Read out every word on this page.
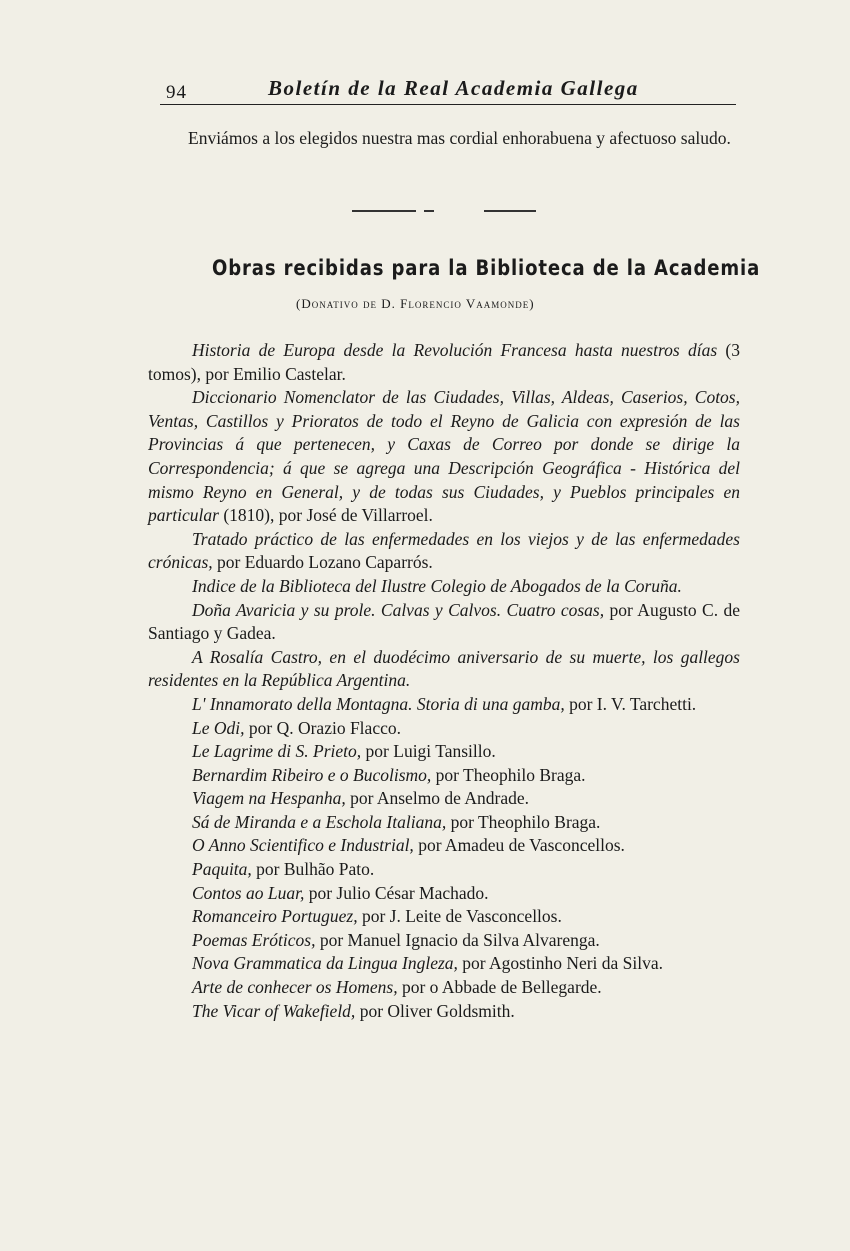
94	Boletín de la Real Academia Gallega

Enviámos a los elegidos nuestra mas cordial enhorabuena y afectuoso saludo.

Obras recibidas para la Biblioteca de la Academia
(Donativo de D. Florencio Vaamonde)

Historia de Europa desde la Revolución Francesa hasta nuestros días (3 tomos), por Emilio Castelar.

Diccionario Nomenclator de las Ciudades, Villas, Aldeas, Caserios, Cotos, Ventas, Castillos y Prioratos de todo el Reyno de Galicia con expresión de las Provincias á que pertenecen, y Caxas de Correo por donde se dirige la Correspondencia; á que se agrega una Descripción Geográfica - Histórica del mismo Reyno en General, y de todas sus Ciudades, y Pueblos principales en particular (1810), por José de Villarroel.

Tratado práctico de las enfermedades en los viejos y de las enfermedades crónicas, por Eduardo Lozano Caparrós.

Indice de la Biblioteca del Ilustre Colegio de Abogados de la Coruña.

Doña Avaricia y su prole. Calvas y Calvos. Cuatro cosas, por Augusto C. de Santiago y Gadea.

A Rosalía Castro, en el duodécimo aniversario de su muerte, los gallegos residentes en la República Argentina.

L' Innamorato della Montagna. Storia di una gamba, por I. V. Tarchetti.

Le Odi, por Q. Orazio Flacco.

Le Lagrime di S. Prieto, por Luigi Tansillo.

Bernardim Ribeiro e o Bucolismo, por Theophilo Braga.

Viagem na Hespanha, por Anselmo de Andrade.

Sá de Miranda e a Eschola Italiana, por Theophilo Braga.

O Anno Scientifico e Industrial, por Amadeu de Vasconcellos.

Paquita, por Bulhão Pato.

Contos ao Luar, por Julio César Machado.

Romanceiro Portuguez, por J. Leite de Vasconcellos.

Poemas Eróticos, por Manuel Ignacio da Silva Alvarenga.

Nova Grammatica da Lingua Ingleza, por Agostinho Neri da Silva.

Arte de conhecer os Homens, por o Abbade de Bellegarde.

The Vicar of Wakefield, por Oliver Goldsmith.
